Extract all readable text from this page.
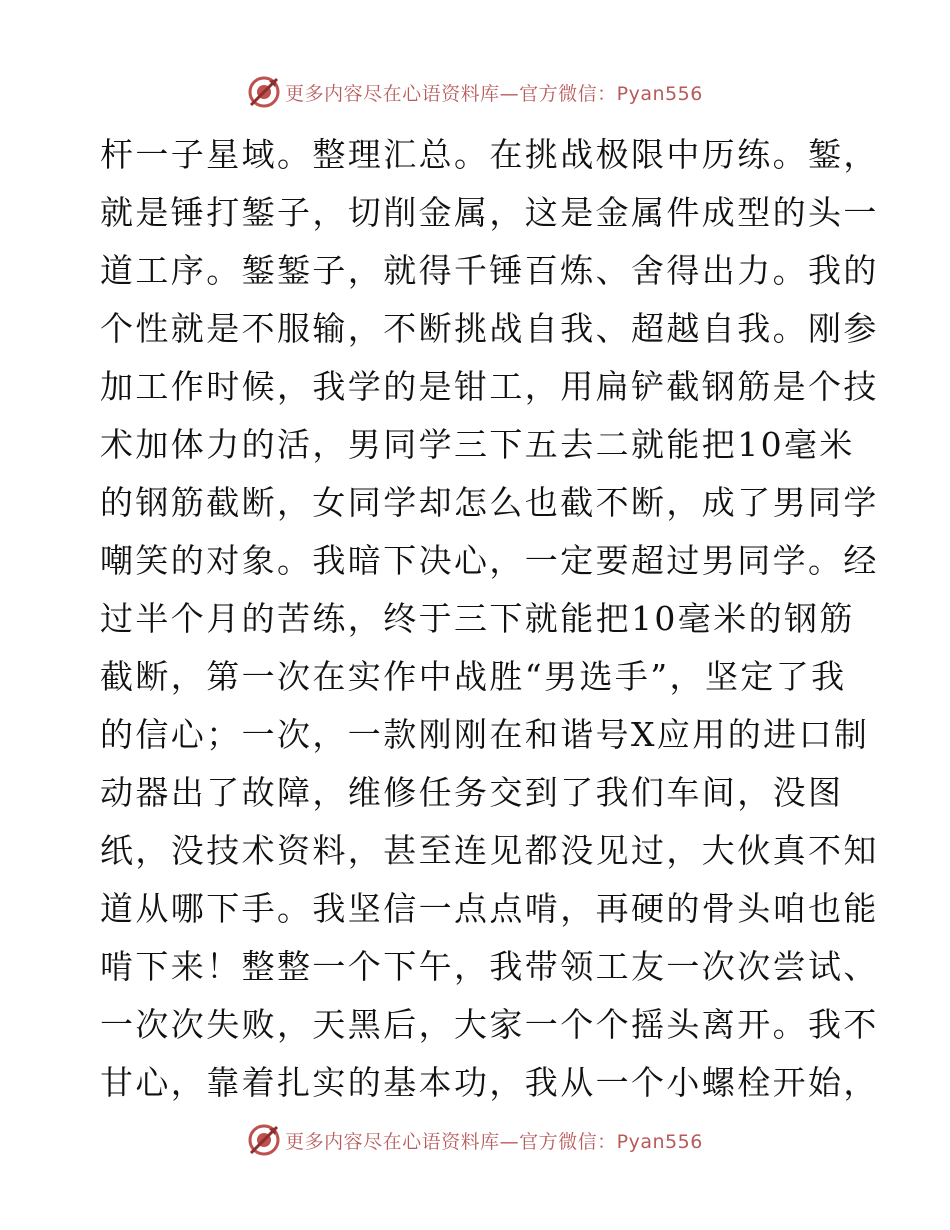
更多内容尽在心语资料库—官方微信：Pyan556
杆一子星域。整理汇总。在挑战极限中历练。錾，
就是锤打錾子，切削金属，这是金属件成型的头一
道工序。錾錾子，就得千锤百炼、舍得出力。我的
个性就是不服输，不断挑战自我、超越自我。刚参
加工作时候，我学的是钳工，用扁铲截钢筋是个技
术加体力的活，男同学三下五去二就能把10毫米
的钢筋截断，女同学却怎么也截不断，成了男同学
嘲笑的对象。我暗下决心，一定要超过男同学。经
过半个月的苦练，终于三下就能把10毫米的钢筋
截断，第一次在实作中战胜“男选手”，坚定了我
的信心；一次，一款刚刚在和谐号X应用的进口制
动器出了故障，维修任务交到了我们车间，没图
纸，没技术资料，甚至连见都没见过，大伙真不知
道从哪下手。我坚信一点点啃，再硬的骨头咱也能
啃下来！整整一个下午，我带领工友一次次尝试、
一次次失败，天黑后，大家一个个摇头离开。我不
甘心，靠着扎实的基本功，我从一个小螺栓开始，
更多内容尽在心语资料库—官方微信：Pyan556
